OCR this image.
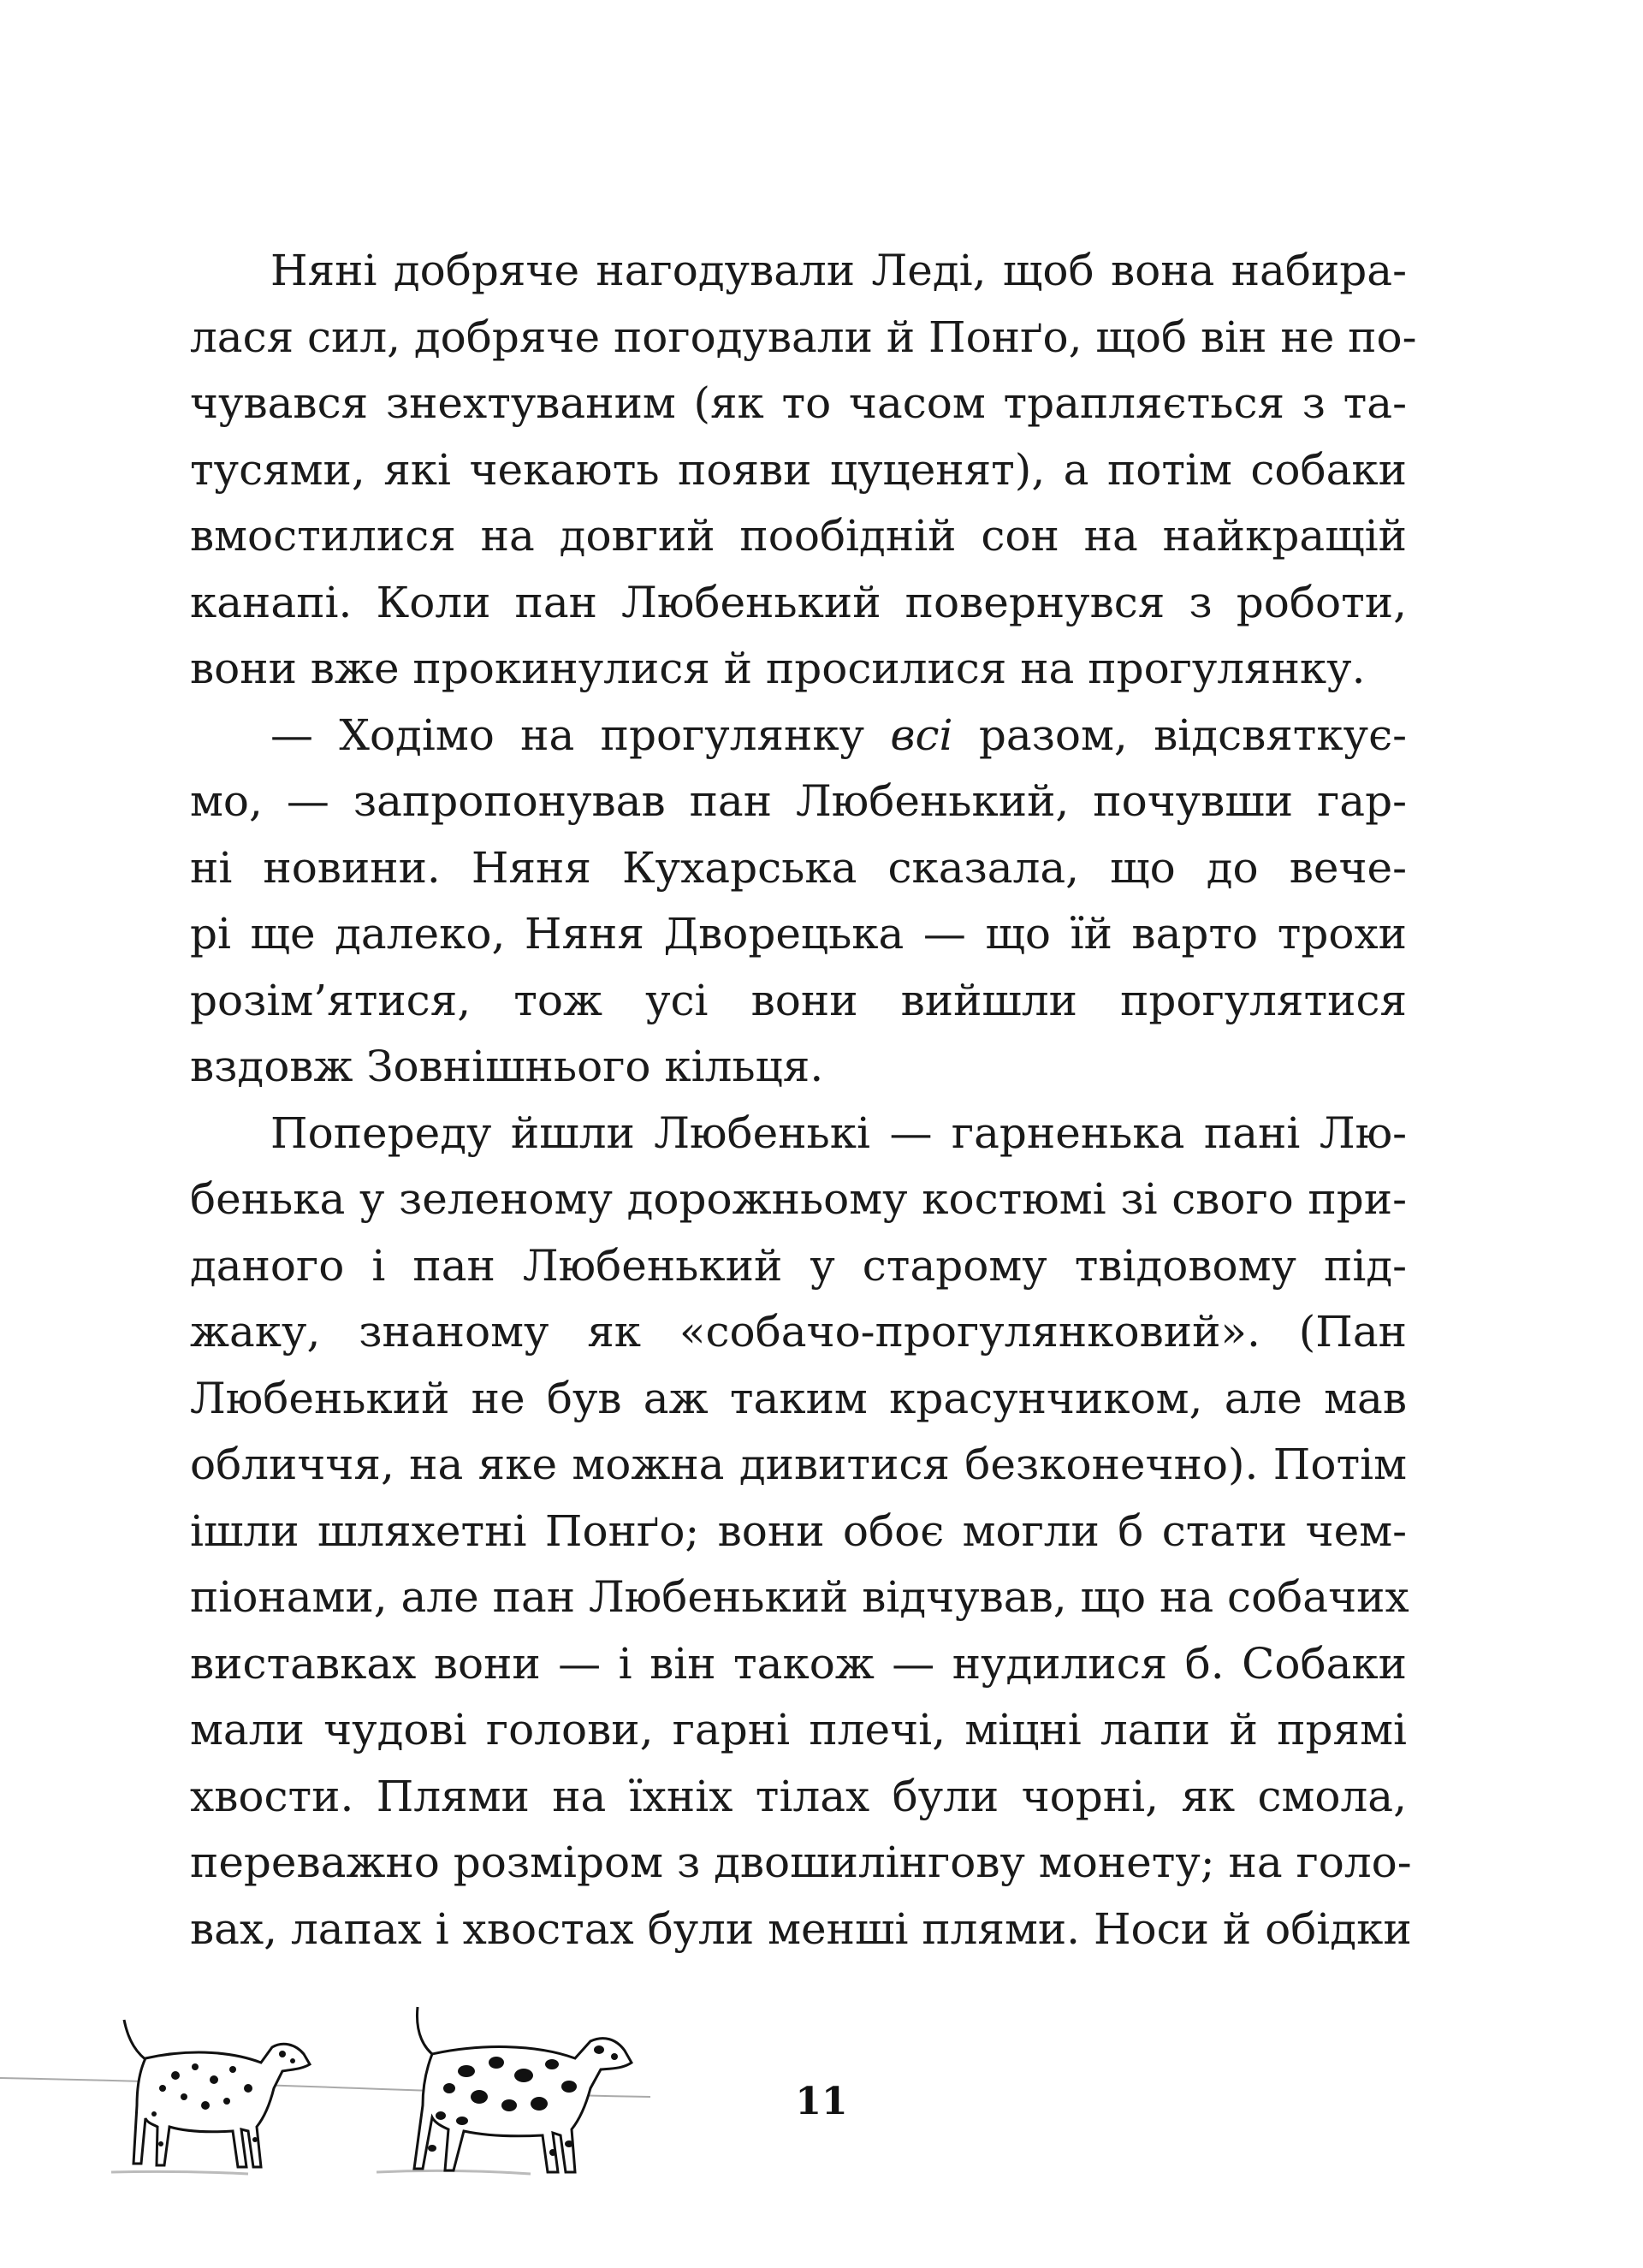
Няні добряче нагодували Леді, щоб вона набира-
лася сил, добряче погодували й Понґо, щоб він не по-
чувався знехтуваним (як то часом трапляється з та-
тусями, які чекають появи цуценят), а потім собаки
вмостилися на довгий пообідній сон на найкращій
канапі. Коли пан Любенький повернувся з роботи,
вони вже прокинулися й просилися на прогулянку.
— Ходімо на прогулянку всі разом, відсвяткує-
мо, — запропонував пан Любенький, почувши гар-
ні новини. Няня Кухарська сказала, що до вече-
рі ще далеко, Няня Дворецька — що їй варто трохи
розім’ятися, тож усі вони вийшли прогулятися
вздовж Зовнішнього кільця.
Попереду йшли Любенькі — гарненька пані Лю-
бенька у зеленому дорожньому костюмі зі свого при-
даного і пан Любенький у старому твідовому під-
жаку, знаному як «собачо-прогулянковий». (Пан
Любенький не був аж таким красунчиком, але мав
обличчя, на яке можна дивитися безконечно). Потім
ішли шляхетні Понґо; вони обоє могли б стати чем-
піонами, але пан Любенький відчував, що на собачих
виставках вони — і він також — нудилися б. Собаки
мали чудові голови, гарні плечі, міцні лапи й прямі
хвости. Плями на їхніх тілах були чорні, як смола,
переважно розміром з двошилінгову монету; на голо-
вах, лапах і хвостах були менші плями. Носи й обідки
11
